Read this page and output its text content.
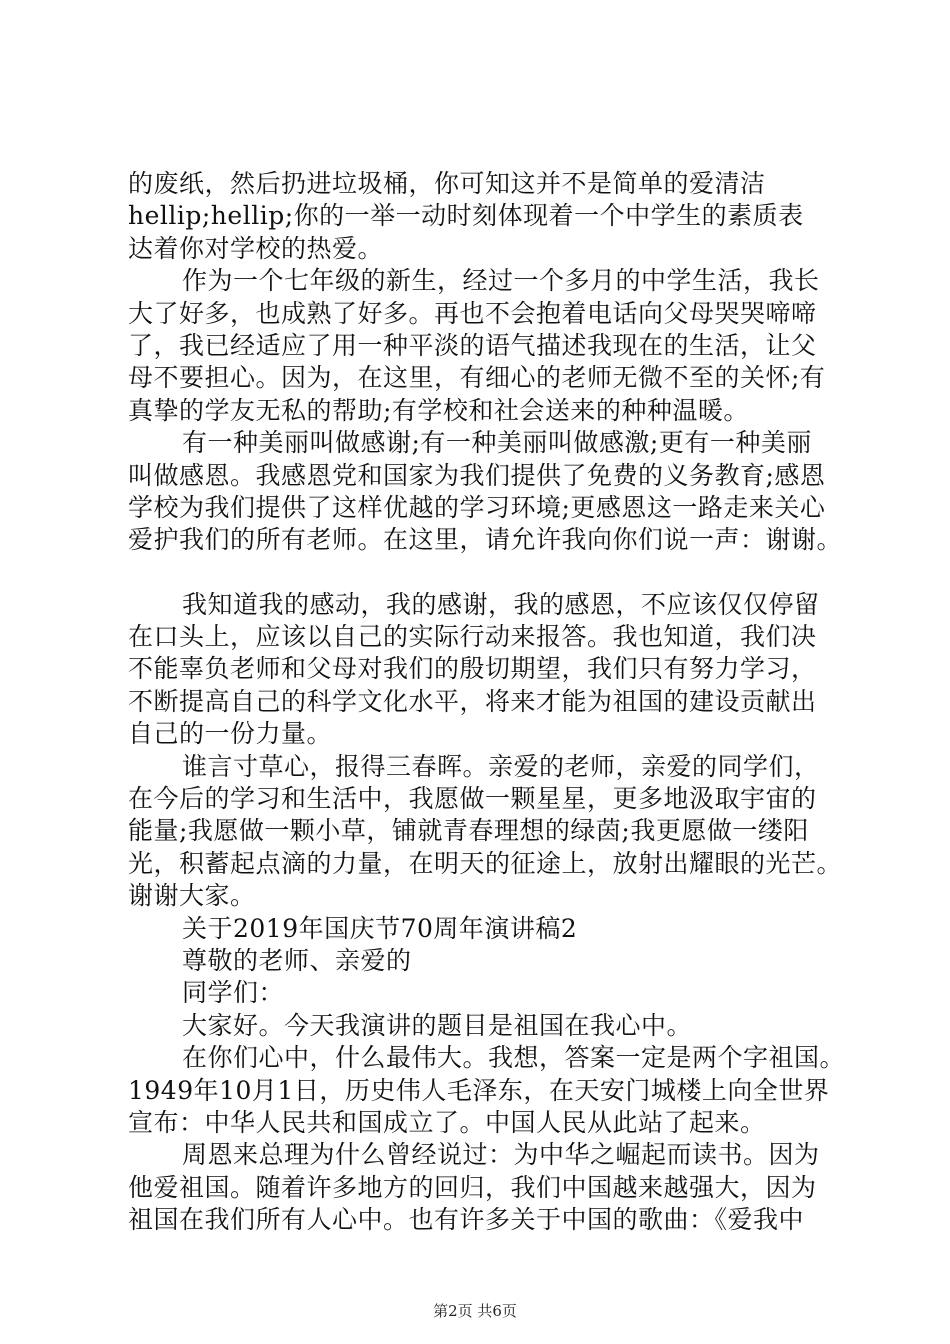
的废纸，然后扔进垃圾桶，你可知这并不是简单的爱清洁
hellip;hellip;你的一举一动时刻体现着一个中学生的素质表
达着你对学校的热爱。
作为一个七年级的新生，经过一个多月的中学生活，我长
大了好多，也成熟了好多。再也不会抱着电话向父母哭哭啼啼
了，我已经适应了用一种平淡的语气描述我现在的生活，让父
母不要担心。因为，在这里，有细心的老师无微不至的关怀;有
真挚的学友无私的帮助;有学校和社会送来的种种温暖。
有一种美丽叫做感谢;有一种美丽叫做感激;更有一种美丽
叫做感恩。我感恩党和国家为我们提供了免费的义务教育;感恩
学校为我们提供了这样优越的学习环境;更感恩这一路走来关心
爱护我们的所有老师。在这里，请允许我向你们说一声：谢谢。
我知道我的感动，我的感谢，我的感恩，不应该仅仅停留
在口头上，应该以自己的实际行动来报答。我也知道，我们决
不能辜负老师和父母对我们的殷切期望，我们只有努力学习，
不断提高自己的科学文化水平，将来才能为祖国的建设贡献出
自己的一份力量。
谁言寸草心，报得三春晖。亲爱的老师，亲爱的同学们，
在今后的学习和生活中，我愿做一颗星星，更多地汲取宇宙的
能量;我愿做一颗小草，铺就青春理想的绿茵;我更愿做一缕阳
光，积蓄起点滴的力量，在明天的征途上，放射出耀眼的光芒。
谢谢大家。
关于2019年国庆节70周年演讲稿2
尊敬的老师、亲爱的
同学们：
大家好。今天我演讲的题目是祖国在我心中。
在你们心中，什么最伟大。我想，答案一定是两个字祖国。
1949年10月1日，历史伟人毛泽东，在天安门城楼上向全世界
宣布：中华人民共和国成立了。中国人民从此站了起来。
周恩来总理为什么曾经说过：为中华之崛起而读书。因为
他爱祖国。随着许多地方的回归，我们中国越来越强大，因为
祖国在我们所有人心中。也有许多关于中国的歌曲：《爱我中
第2页 共6页
